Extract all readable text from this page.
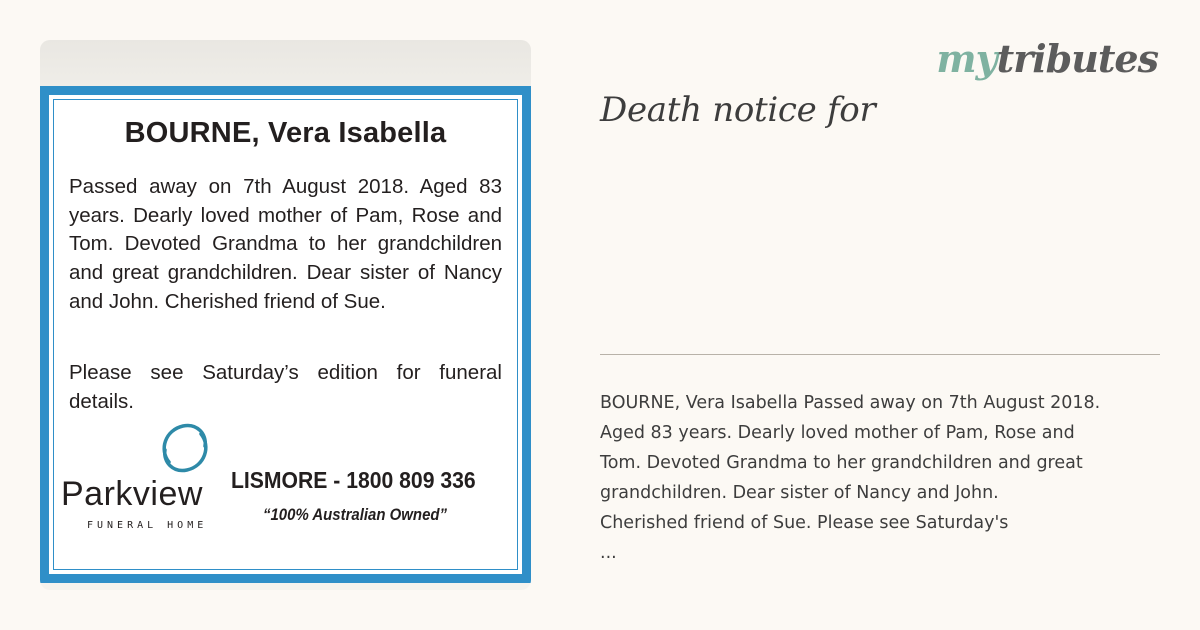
BOURNE, Vera Isabella
Passed away on 7th August 2018. Aged 83 years. Dearly loved mother of Pam, Rose and Tom. Devoted Grandma to her grandchildren and great grandchildren. Dear sister of Nancy and John. Cherished friend of Sue.
Please see Saturday’s edition for funeral details.
Parkview
FUNERAL HOME
LISMORE - 1800 809 336
“100% Australian Owned”
mytributes
Death notice for
BOURNE, Vera Isabella Passed away on 7th August 2018.
Aged 83 years. Dearly loved mother of Pam, Rose and
Tom. Devoted Grandma to her grandchildren and great
grandchildren. Dear sister of Nancy and John.
Cherished friend of Sue. Please see Saturday's
...
